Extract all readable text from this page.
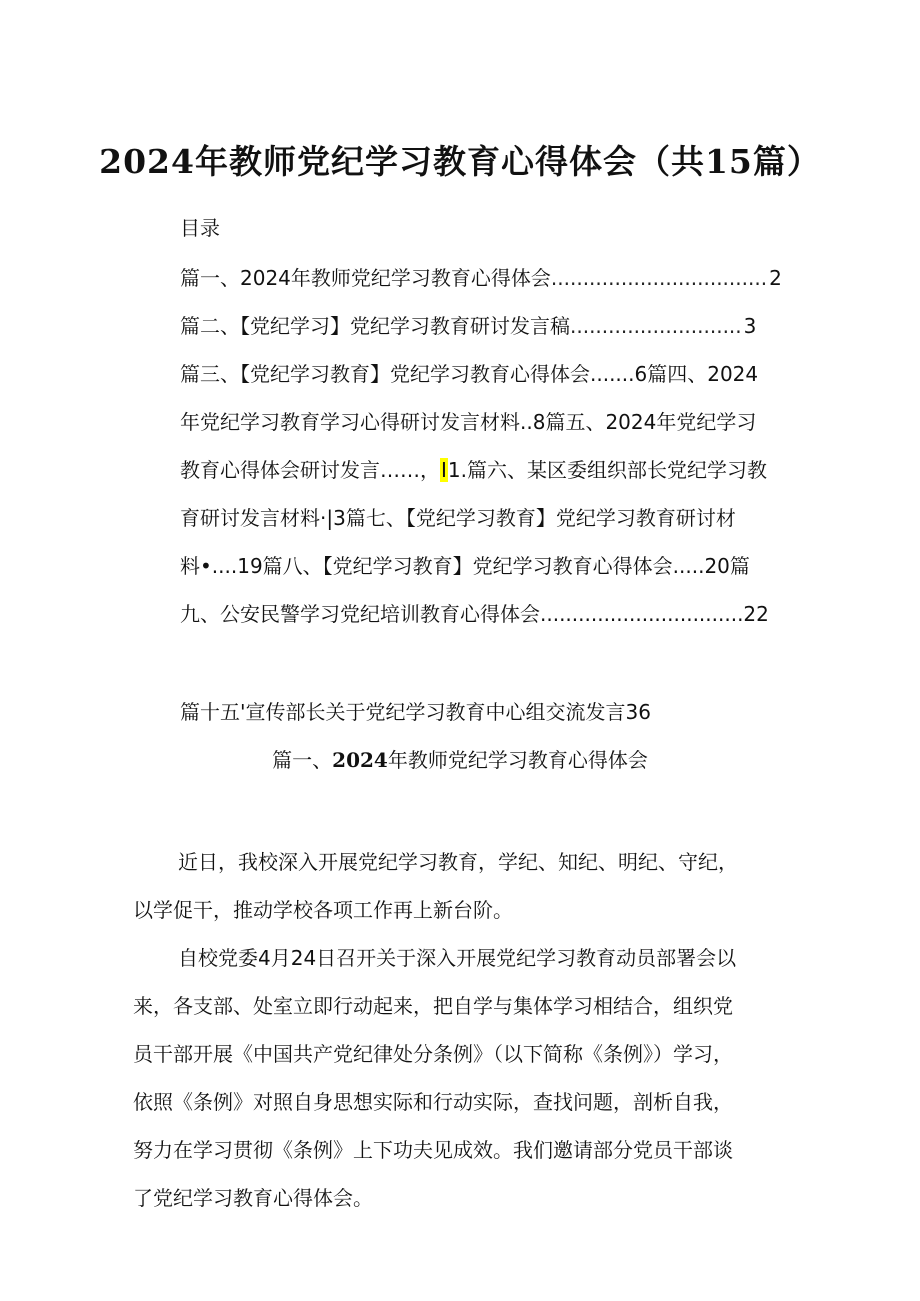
2024年教师党纪学习教育心得体会（共15篇）
目录
篇一、2024年教师党纪学习教育心得体会.................................. 2
篇二、【党纪学习】党纪学习教育研讨发言稿........................... 3
篇三、【党纪学习教育】党纪学习教育心得体会.......6篇四、2024
年党纪学习教育学习心得研讨发言材料..8篇五、2024年党纪学习
教育心得体会研讨发言……，I1.篇六、某区委组织部长党纪学习教
育研讨发言材料·|3篇七、【党纪学习教育】党纪学习教育研讨材
料•....19篇八、【党纪学习教育】党纪学习教育心得体会.....20篇
九、公安民警学习党纪培训教育心得体会................................22
篇十五'宣传部长关于党纪学习教育中心组交流发言36
篇一、2024年教师党纪学习教育心得体会
近日，我校深入开展党纪学习教育，学纪、知纪、明纪、守纪，
以学促干，推动学校各项工作再上新台阶。
自校党委4月24日召开关于深入开展党纪学习教育动员部署会以
来，各支部、处室立即行动起来，把自学与集体学习相结合，组织党
员干部开展《中国共产党纪律处分条例》（以下简称《条例》）学习，
依照《条例》对照自身思想实际和行动实际，查找问题，剖析自我，
努力在学习贯彻《条例》上下功夫见成效。我们邀请部分党员干部谈
了党纪学习教育心得体会。
